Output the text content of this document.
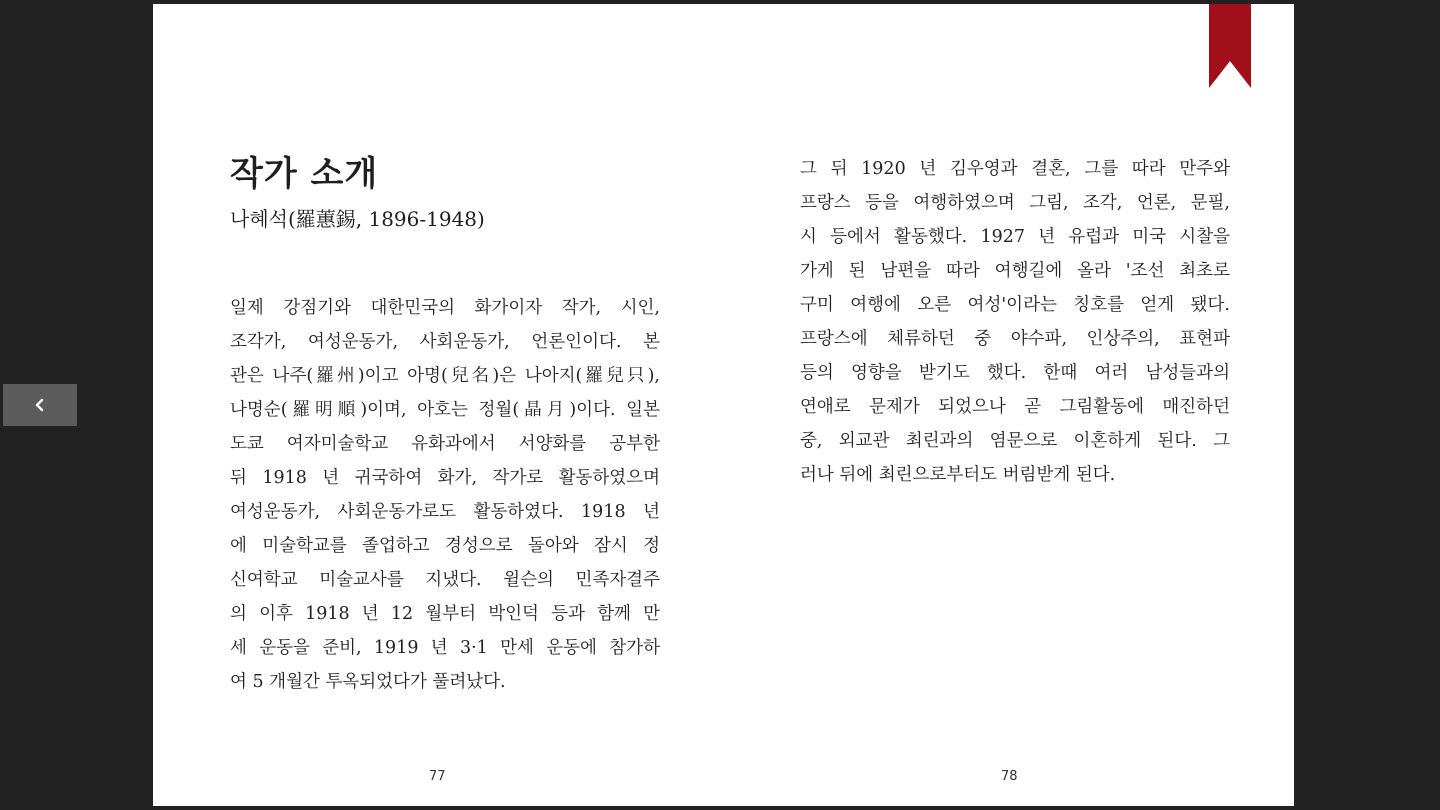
작가 소개

나혜석(羅蕙錫, 1896-1948)

일제 강점기와 대한민국의 화가이자 작가, 시인,
조각가, 여성운동가, 사회운동가, 언론인이다. 본
관은 나주(羅州)이고 아명(兒名)은 나아지(羅兒只),
나명순(羅明順)이며, 아호는 정월(晶月)이다. 일본
도쿄 여자미술학교 유화과에서 서양화를 공부한
뒤 1918 년 귀국하여 화가, 작가로 활동하였으며
여성운동가, 사회운동가로도 활동하였다. 1918 년
에 미술학교를 졸업하고 경성으로 돌아와 잠시 정
신여학교 미술교사를 지냈다. 윌슨의 민족자결주
의 이후 1918 년 12 월부터 박인덕 등과 함께 만
세 운동을 준비, 1919 년 3·1 만세 운동에 참가하
여 5 개월간 투옥되었다가 풀려났다.
77
그 뒤 1920 년 김우영과 결혼, 그를 따라 만주와
프랑스 등을 여행하였으며 그림, 조각, 언론, 문필,
시 등에서 활동했다. 1927 년 유럽과 미국 시찰을
가게 된 남편을 따라 여행길에 올라 '조선 최초로
구미 여행에 오른 여성'이라는 칭호를 얻게 됐다.
프랑스에 체류하던 중 야수파, 인상주의, 표현파
등의 영향을 받기도 했다. 한때 여러 남성들과의
연애로 문제가 되었으나 곧 그림활동에 매진하던
중, 외교관 최린과의 염문으로 이혼하게 된다. 그
러나 뒤에 최린으로부터도 버림받게 된다.
78
